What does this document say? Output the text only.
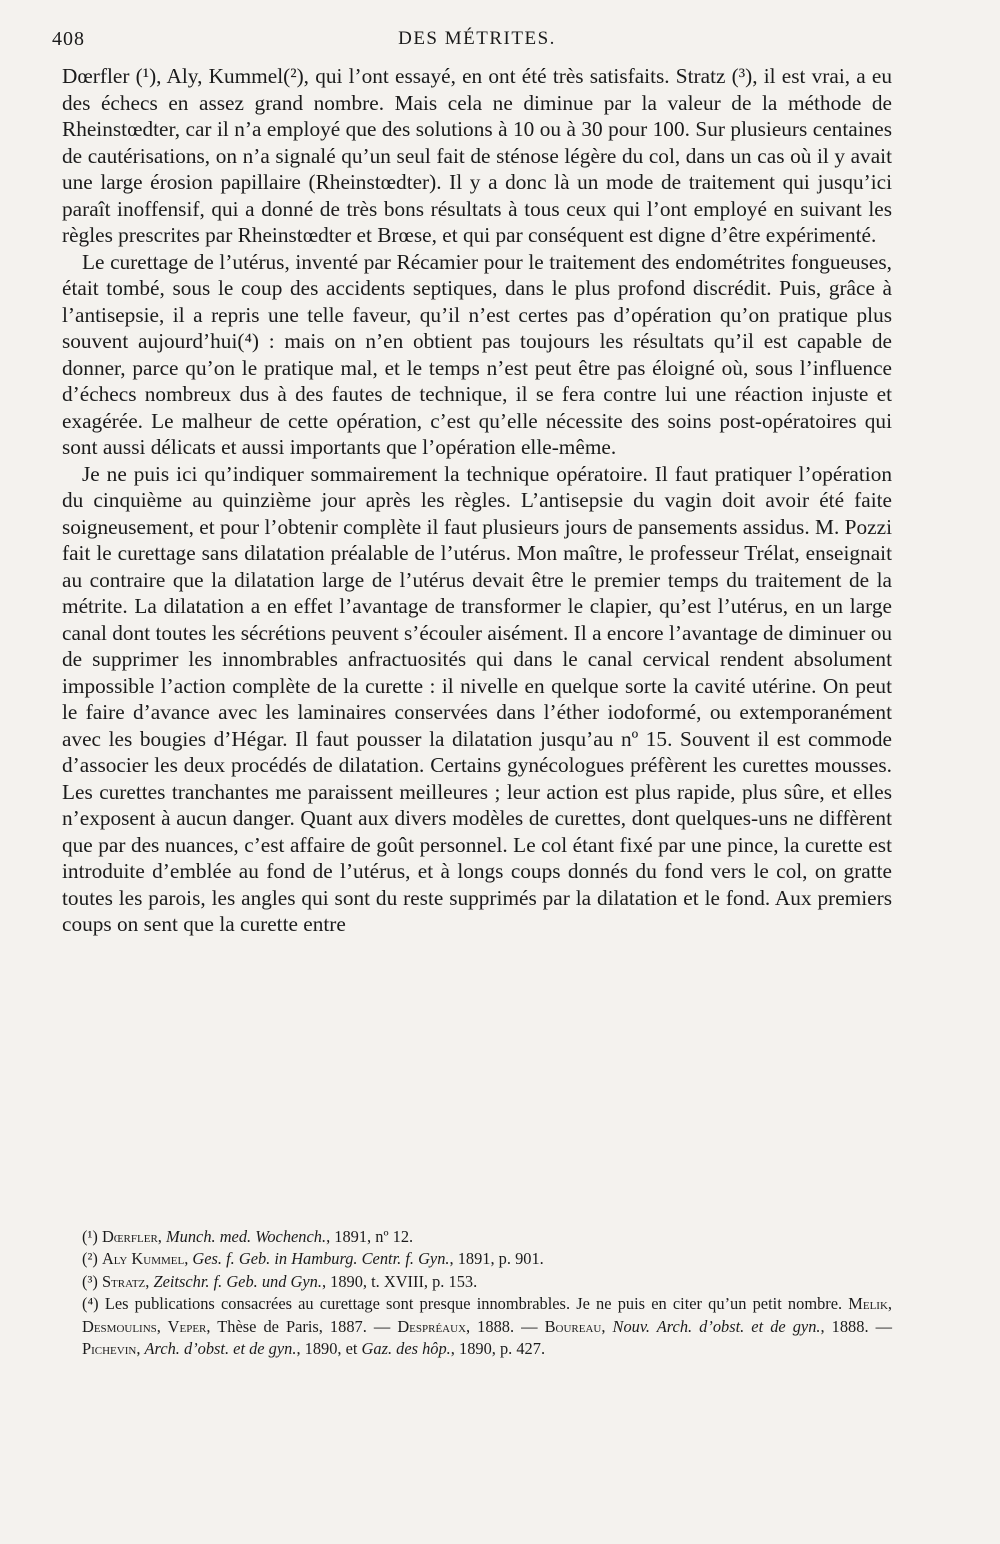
408	DES MÉTRITES.

Dœrfler (¹), Aly, Kummel(²), qui l’ont essayé, en ont été très satisfaits. Stratz (³), il est vrai, a eu des échecs en assez grand nombre. Mais cela ne diminue par la valeur de la méthode de Rheinstœdter, car il n’a employé que des solutions à 10 ou à 30 pour 100. Sur plusieurs centaines de cautérisations, on n’a signalé qu’un seul fait de sténose légère du col, dans un cas où il y avait une large érosion papillaire (Rheinstœdter). Il y a donc là un mode de traitement qui jusqu’ici paraît inoffensif, qui a donné de très bons résultats à tous ceux qui l’ont employé en suivant les règles prescrites par Rheinstœdter et Brœse, et qui par conséquent est digne d’être expérimenté.

Le curettage de l’utérus, inventé par Récamier pour le traitement des endométrites fongueuses, était tombé, sous le coup des accidents septiques, dans le plus profond discrédit. Puis, grâce à l’antisepsie, il a repris une telle faveur, qu’il n’est certes pas d’opération qu’on pratique plus souvent aujourd’hui(⁴) : mais on n’en obtient pas toujours les résultats qu’il est capable de donner, parce qu’on le pratique mal, et le temps n’est peut être pas éloigné où, sous l’influence d’échecs nombreux dus à des fautes de technique, il se fera contre lui une réaction injuste et exagérée. Le malheur de cette opération, c’est qu’elle nécessite des soins post-opératoires qui sont aussi délicats et aussi importants que l’opération elle-même.

Je ne puis ici qu’indiquer sommairement la technique opératoire. Il faut pratiquer l’opération du cinquième au quinzième jour après les règles. L’antisepsie du vagin doit avoir été faite soigneusement, et pour l’obtenir complète il faut plusieurs jours de pansements assidus. M. Pozzi fait le curettage sans dilatation préalable de l’utérus. Mon maître, le professeur Trélat, enseignait au contraire que la dilatation large de l’utérus devait être le premier temps du traitement de la métrite. La dilatation a en effet l’avantage de transformer le clapier, qu’est l’utérus, en un large canal dont toutes les sécrétions peuvent s’écouler aisément. Il a encore l’avantage de diminuer ou de supprimer les innombrables anfractuosités qui dans le canal cervical rendent absolument impossible l’action complète de la curette : il nivelle en quelque sorte la cavité utérine. On peut le faire d’avance avec les laminaires conservées dans l’éther iodoformé, ou extemporanément avec les bougies d’Hégar. Il faut pousser la dilatation jusqu’au nº 15. Souvent il est commode d’associer les deux procédés de dilatation. Certains gynécologues préfèrent les curettes mousses. Les curettes tranchantes me paraissent meilleures ; leur action est plus rapide, plus sûre, et elles n’exposent à aucun danger. Quant aux divers modèles de curettes, dont quelques-uns ne diffèrent que par des nuances, c’est affaire de goût personnel. Le col étant fixé par une pince, la curette est introduite d’emblée au fond de l’utérus, et à longs coups donnés du fond vers le col, on gratte toutes les parois, les angles qui sont du reste supprimés par la dilatation et le fond. Aux premiers coups on sent que la curette entre

(¹) Dœrfler, Munch. med. Wochench., 1891, nº 12.

(²) Aly Kummel, Ges. f. Geb. in Hamburg. Centr. f. Gyn., 1891, p. 901.

(³) Stratz, Zeitschr. f. Geb. und Gyn., 1890, t. XVIII, p. 153.

(⁴) Les publications consacrées au curettage sont presque innombrables. Je ne puis en citer qu’un petit nombre. Melik, Desmoulins, Veper, Thèse de Paris, 1887. — Despréaux, 1888. — Boureau, Nouv. Arch. d’obst. et de gyn., 1888. — Pichevin, Arch. d’obst. et de gyn., 1890, et Gaz. des hôp., 1890, p. 427.
